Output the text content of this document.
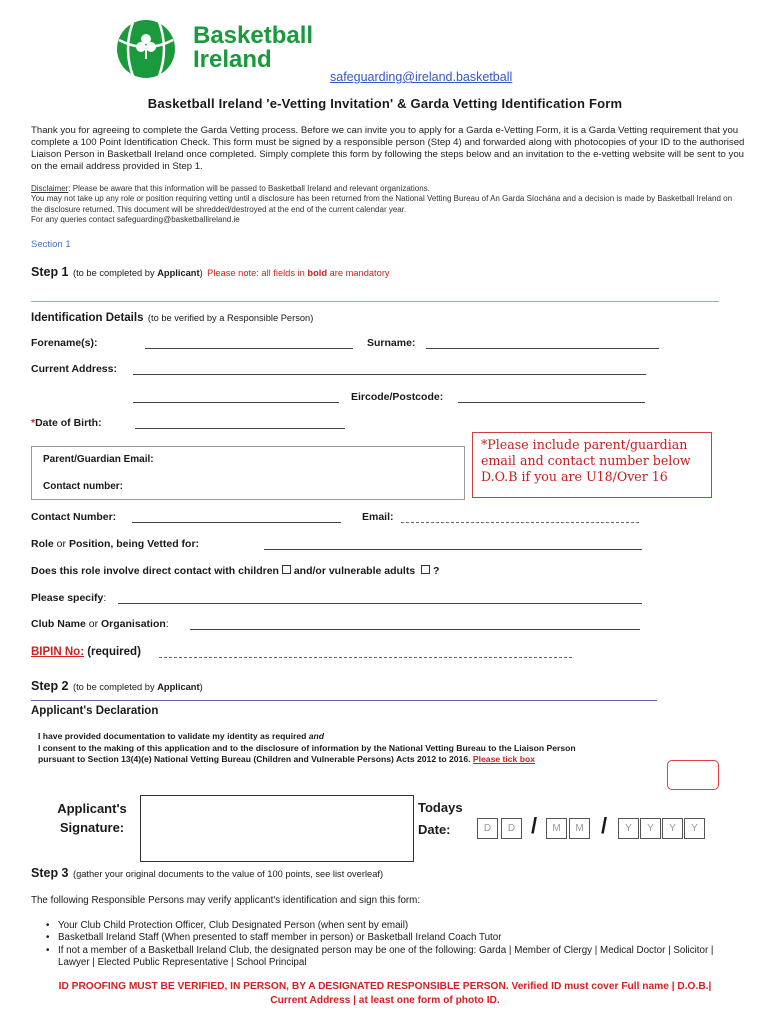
Basketball
Ireland
safeguarding@ireland.basketball
Basketball Ireland 'e-Vetting Invitation' & Garda Vetting Identification Form
Thank you for agreeing to complete the Garda Vetting process. Before we can invite you to apply for a Garda e-Vetting Form, it is a Garda Vetting requirement that you complete a 100 Point Identification Check. This form must be signed by a responsible person (Step 4) and forwarded along with photocopies of your ID to the authorised Liaison Person in Basketball Ireland once completed. Simply complete this form by following the steps below and an invitation to the e-vetting website will be sent to you on the email address provided in Step 1.
Disclaimer: Please be aware that this information will be passed to Basketball Ireland and relevant organizations.
You may not take up any role or position requiring vetting until a disclosure has been returned from the National Vetting Bureau of An Garda Síochána and a decision is made by Basketball Ireland on the disclosure returned. This document will be shredded/destroyed at the end of the current calendar year.
For any queries contact safeguarding@basketballireland.ie
Section 1
Step 1 (to be completed by Applicant) Please note: all fields in bold are mandatory
Identification Details (to be verified by a Responsible Person)
Forename(s):	Surname:
Current Address:
Eircode/Postcode:
*Date of Birth:
Parent/Guardian Email:
Contact number:
*Please include parent/guardian email and contact number below D.O.B if you are U18/Over 16
Contact Number:	Email:
Role or Position, being Vetted for:
Does this role involve direct contact with children and/or vulnerable adults ?
Please specify:
Club Name or Organisation:
BIPIN No: (required)
Step 2 (to be completed by Applicant)
Applicant's Declaration
I have provided documentation to validate my identity as required and
I consent to the making of this application and to the disclosure of information by the National Vetting Bureau to the Liaison Person
pursuant to Section 13(4)(e) National Vetting Bureau (Children and Vulnerable Persons) Acts 2012 to 2016. Please tick box
Applicant's
Signature:
Todays
Date:	D	D /	M	M /	Y	Y	Y	Y
Step 3 (gather your original documents to the value of 100 points, see list overleaf)
The following Responsible Persons may verify applicant's identification and sign this form:
• Your Club Child Protection Officer, Club Designated Person (when sent by email)
• Basketball Ireland Staff (When presented to staff member in person) or Basketball Ireland Coach Tutor
• If not a member of a Basketball Ireland Club, the designated person may be one of the following: Garda | Member of Clergy | Medical Doctor | Solicitor | Lawyer | Elected Public Representative | School Principal
ID PROOFING MUST BE VERIFIED, IN PERSON, BY A DESIGNATED RESPONSIBLE PERSON. Verified ID must cover Full name | D.O.B.|
Current Address | at least one form of photo ID.
